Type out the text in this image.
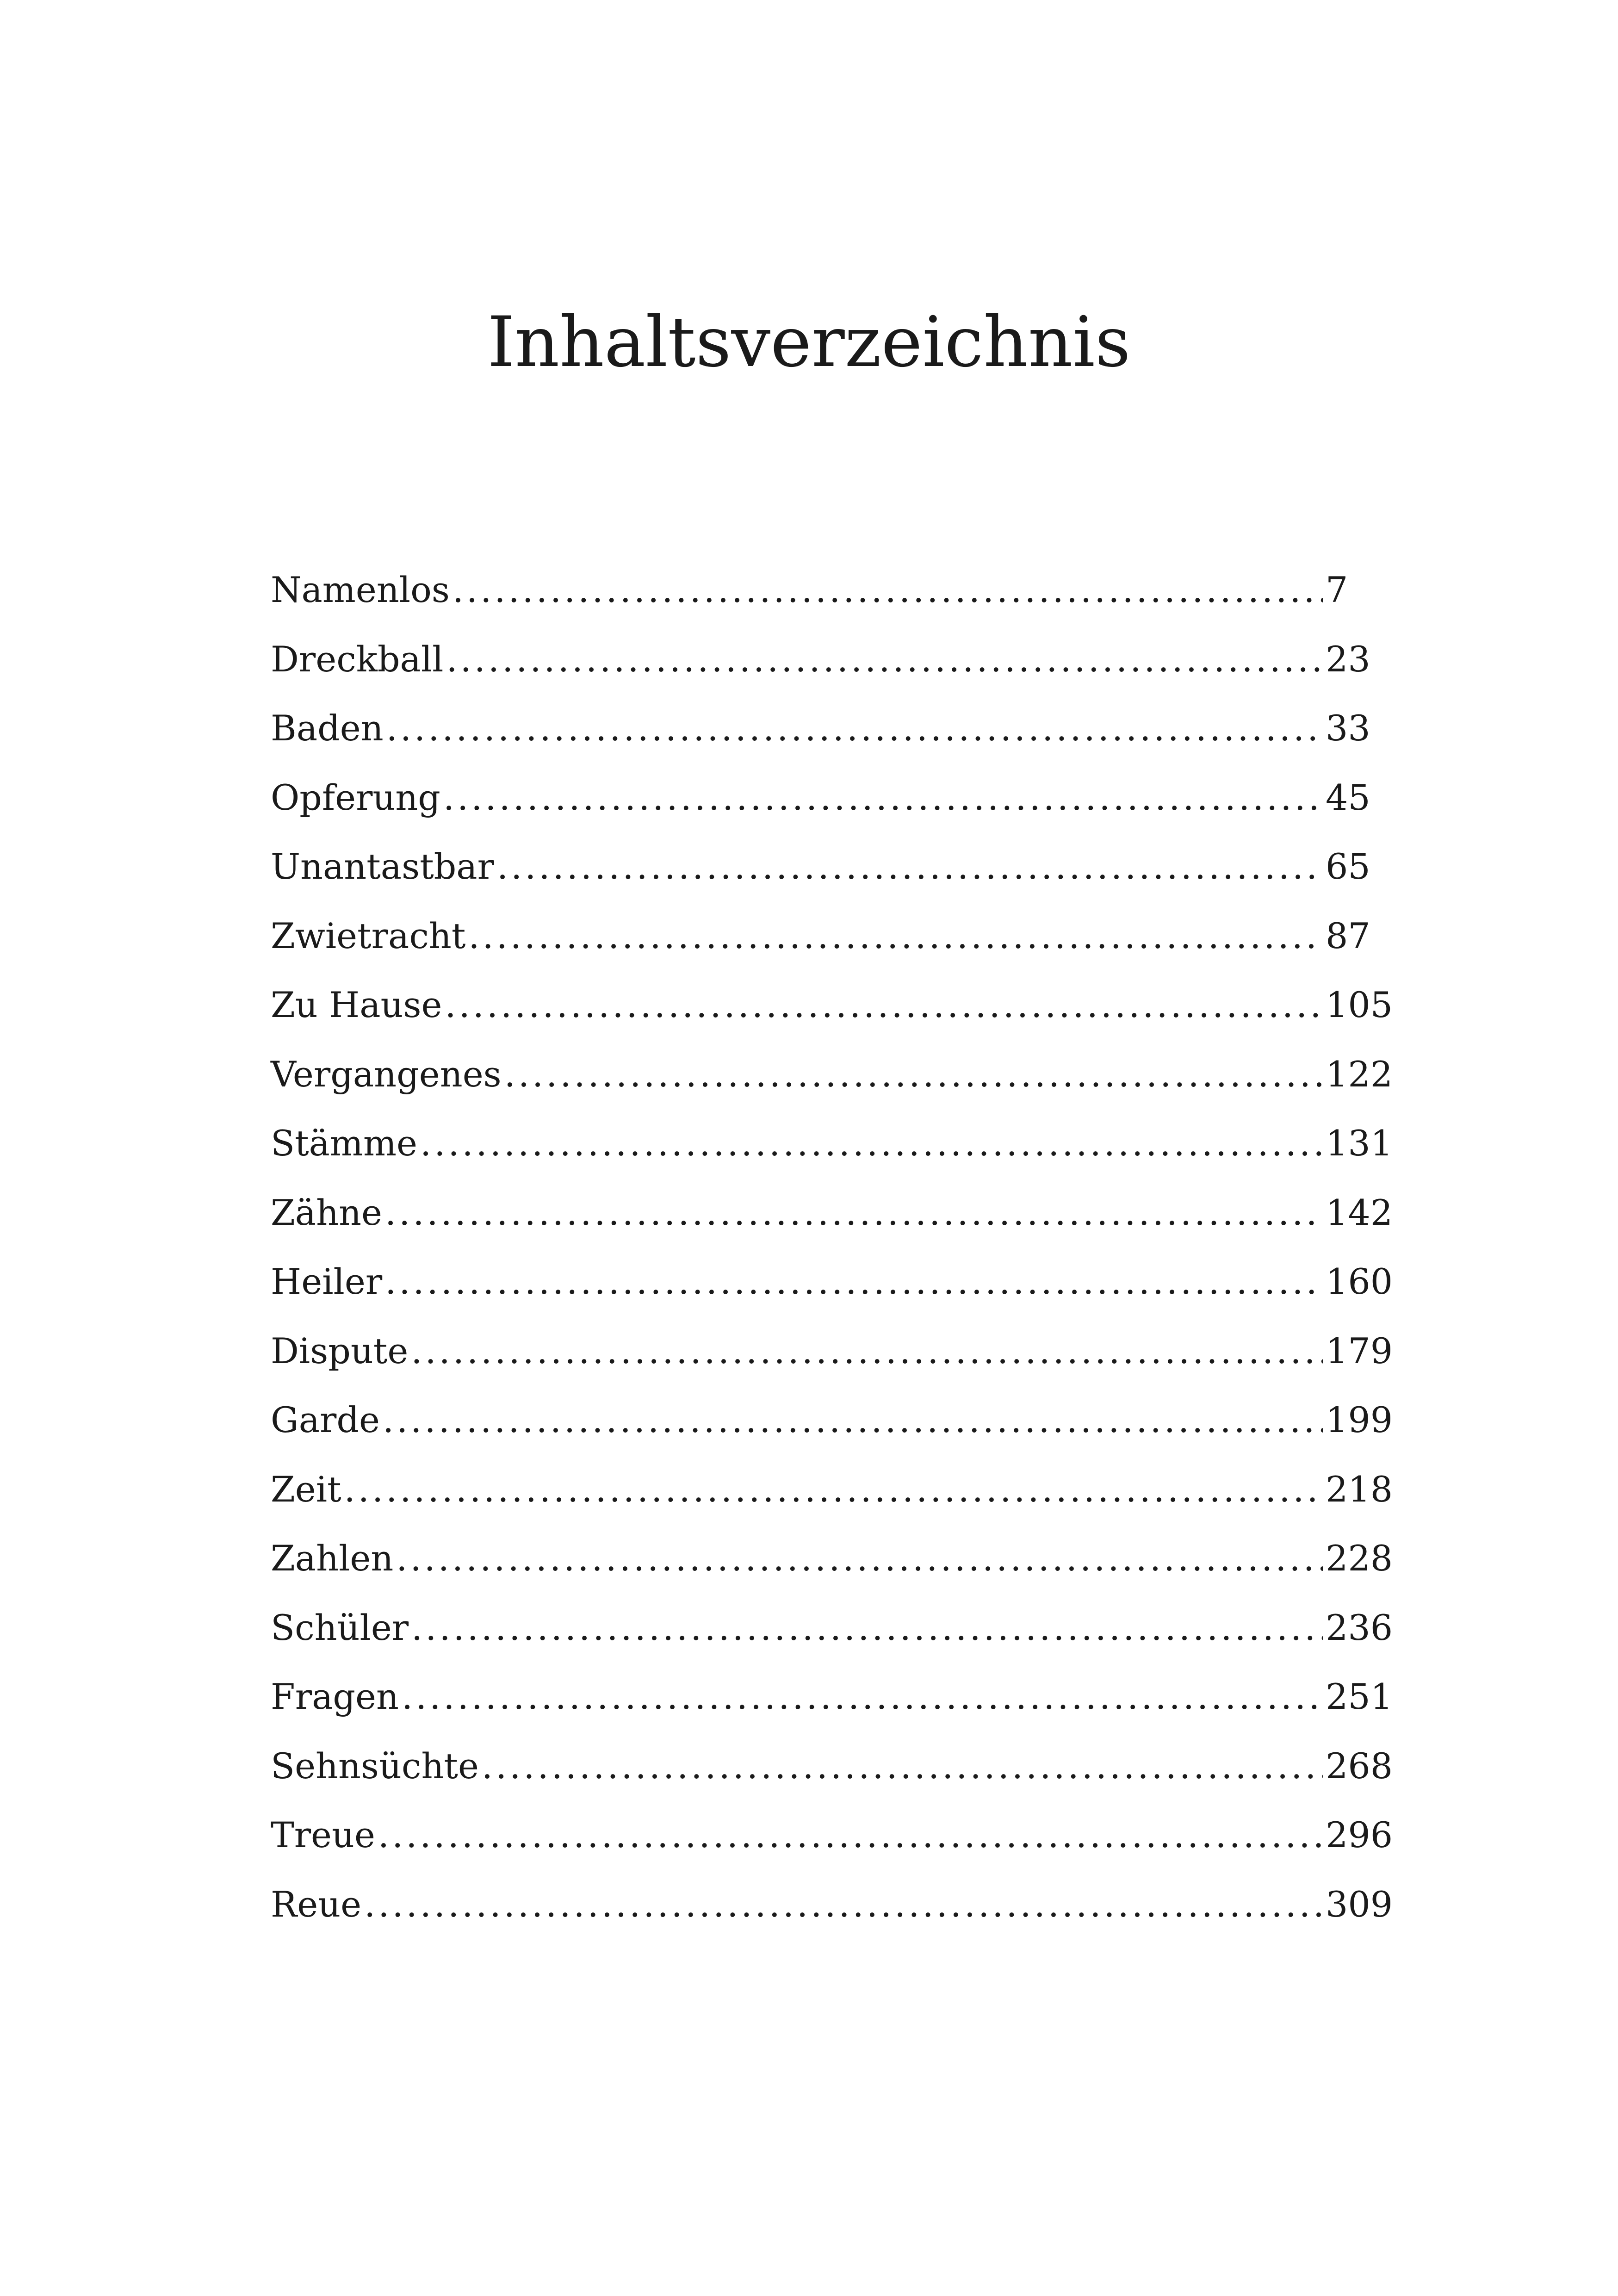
Inhaltsverzeichnis
Namenlos .....	7
Dreckball .....	23
Baden .....	33
Opferung .....	45
Unantastbar .....	65
Zwietracht .....	87
Zu Hause .....	105
Vergangenes .....	122
Stämme .....	131
Zähne .....	142
Heiler .....	160
Dispute .....	179
Garde .....	199
Zeit .....	218
Zahlen .....	228
Schüler .....	236
Fragen .....	251
Sehnsüchte .....	268
Treue .....	296
Reue .....	309
